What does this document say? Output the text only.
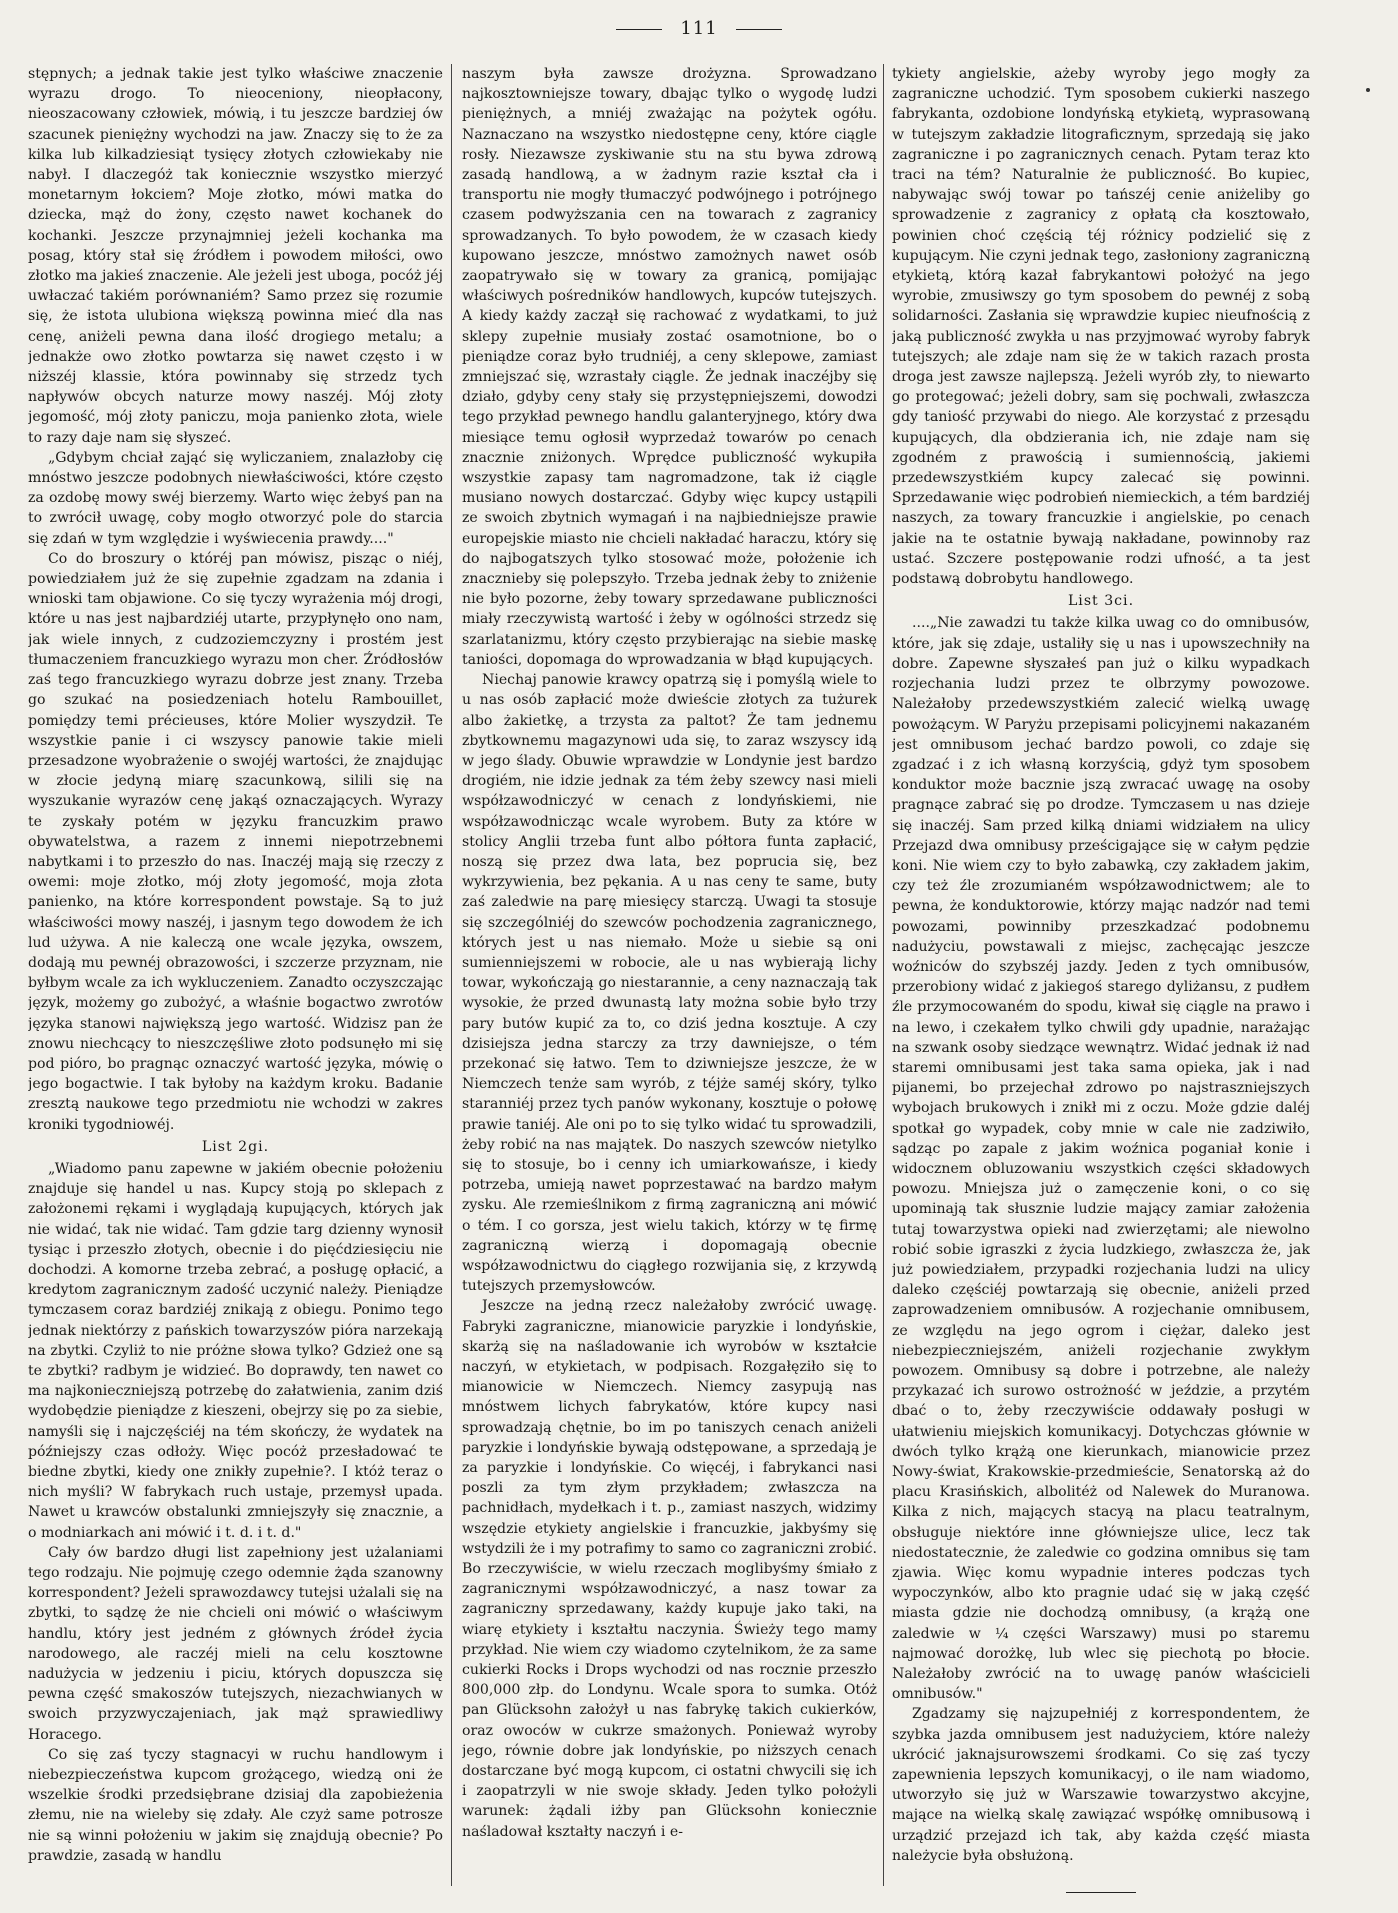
111

stępnych; a jednak takie jest tylko właściwe znaczenie wyrazu drogo. To nieoceniony, nieopłacony, nieoszacowany człowiek, mówią, i tu jeszcze bardziej ów szacunek pieniężny wychodzi na jaw. Znaczy się to że za kilka lub kilkadziesiąt tysięcy złotych człowiekaby nie nabył. I dlaczegóż tak koniecznie wszystko mierzyć monetarnym łokciem? Moje złotko, mówi matka do dziecka, mąż do żony, często nawet kochanek do kochanki. Jeszcze przynajmniej jeżeli kochanka ma posag, który stał się źródłem i powodem miłości, owo złotko ma jakieś znaczenie. Ale jeżeli jest uboga, pocóż jéj uwłaczać takiém porównaniém? Samo przez się rozumie się, że istota ulubiona większą powinna mieć dla nas cenę, aniżeli pewna dana ilość drogiego metalu; a jednakże owo złotko powtarza się nawet często i w niższéj klassie, która powinnaby się strzedz tych napływów obcych naturze mowy naszéj. Mój złoty jegomość, mój złoty paniczu, moja panienko złota, wiele to razy daje nam się słyszeć.

„Gdybym chciał zająć się wyliczaniem, znalazłoby cię mnóstwo jeszcze podobnych niewłaściwości, które często za ozdobę mowy swéj bierzemy. Warto więc żebyś pan na to zwrócił uwagę, coby mogło otworzyć pole do starcia się zdań w tym względzie i wyświecenia prawdy...."

Co do broszury o któréj pan mówisz, pisząc o niéj, powiedziałem już że się zupełnie zgadzam na zdania i wnioski tam objawione. Co się tyczy wyrażenia mój drogi, które u nas jest najbardziéj utarte, przypłynęło ono nam, jak wiele innych, z cudzoziemczyzny i prostém jest tłumaczeniem francuzkiego wyrazu mon cher. Źródłosłów zaś tego francuzkiego wyrazu dobrze jest znany. Trzeba go szukać na posiedzeniach hotelu Rambouillet, pomiędzy temi précieuses, które Molier wyszydził. Te wszystkie panie i ci wszyscy panowie takie mieli przesadzone wyobrażenie o swojéj wartości, że znajdując w złocie jedyną miarę szacunkową, silili się na wyszukanie wyrazów cenę jakąś oznaczających. Wyrazy te zyskały potém w języku francuzkim prawo obywatelstwa, a razem z innemi niepotrzebnemi nabytkami i to przeszło do nas. Inaczéj mają się rzeczy z owemi: moje złotko, mój złoty jegomość, moja złota panienko, na które korrespondent powstaje. Są to już właściwości mowy naszéj, i jasnym tego dowodem że ich lud używa. A nie kaleczą one wcale języka, owszem, dodają mu pewnéj obrazowości, i szczerze przyznam, nie byłbym wcale za ich wykluczeniem. Zanadto oczyszczając język, możemy go zubożyć, a właśnie bogactwo zwrotów języka stanowi największą jego wartość. Widzisz pan że znowu niechcący to nieszczęśliwe złoto podsunęło mi się pod pióro, bo pragnąc oznaczyć wartość języka, mówię o jego bogactwie. I tak byłoby na każdym kroku. Badanie zresztą naukowe tego przedmiotu nie wchodzi w zakres kroniki tygodniowéj.

List 2gi.

„Wiadomo panu zapewne w jakiém obecnie położeniu znajduje się handel u nas. Kupcy stoją po sklepach z założonemi rękami i wyglądają kupujących, których jak nie widać, tak nie widać. Tam gdzie targ dzienny wynosił tysiąc i przeszło złotych, obecnie i do pięćdziesięciu nie dochodzi. A komorne trzeba zebrać, a posługę opłacić, a kredytom zagranicznym zadość uczynić należy. Pieniądze tymczasem coraz bardziéj znikają z obiegu. Ponimo tego jednak niektórzy z pańskich towarzyszów pióra narzekają na zbytki. Czyliż to nie próżne słowa tylko? Gdzież one są te zbytki? radbym je widzieć. Bo doprawdy, ten nawet co ma najkonieczniejszą potrzebę do załatwienia, zanim dziś wydobędzie pieniądze z kieszeni, obejrzy się po za siebie, namyśli się i najczęściéj na tém skończy, że wydatek na późniejszy czas odłoży. Więc pocóż przesładować te biedne zbytki, kiedy one znikły zupełnie?. I któż teraz o nich myśli? W fabrykach ruch ustaje, przemysł upada. Nawet u krawców obstalunki zmniejszyły się znacznie, a o modniarkach ani mówić i t. d. i t. d."

Cały ów bardzo długi list zapełniony jest użalaniami tego rodzaju. Nie pojmuję czego odemnie żąda szanowny korrespondent? Jeżeli sprawozdawcy tutejsi użalali się na zbytki, to sądzę że nie chcieli oni mówić o właściwym handlu, który jest jedném z głównych źródeł życia narodowego, ale raczéj mieli na celu kosztowne nadużycia w jedzeniu i piciu, których dopuszcza się pewna część smakoszów tutejszych, niezachwianych w swoich przyzwyczajeniach, jak mąż sprawiedliwy Horacego.

Co się zaś tyczy stagnacyi w ruchu handlowym i niebezpieczeństwa kupcom grożącego, wiedzą oni że wszelkie środki przedsiębrane dzisiaj dla zapobieżenia złemu, nie na wieleby się zdały. Ale czyż same potrosze nie są winni położeniu w jakim się znajdują obecnie? Po prawdzie, zasadą w handlu

naszym była zawsze drożyzna. Sprowadzano najkosztowniejsze towary, dbając tylko o wygodę ludzi pieniężnych, a mniéj zważając na pożytek ogółu. Naznaczano na wszystko niedostępne ceny, które ciągle rosły. Niezawsze zyskiwanie stu na stu bywa zdrową zasadą handlową, a w żadnym razie kształ cła i transportu nie mogły tłumaczyć podwójnego i potrójnego czasem podwyższania cen na towarach z zagranicy sprowadzanych. To było powodem, że w czasach kiedy kupowano jeszcze, mnóstwo zamożnych nawet osób zaopatrywało się w towary za granicą, pomijając właściwych pośredników handlowych, kupców tutejszych. A kiedy każdy zaczął się rachować z wydatkami, to już sklepy zupełnie musiały zostać osamotnione, bo o pieniądze coraz było trudniéj, a ceny sklepowe, zamiast zmniejszać się, wzrastały ciągle. Że jednak inaczéjby się działo, gdyby ceny stały się przystępniejszemi, dowodzi tego przykład pewnego handlu galanteryjnego, który dwa miesiące temu ogłosił wyprzedaż towarów po cenach znacznie zniżonych. Wprędce publiczność wykupiła wszystkie zapasy tam nagromadzone, tak iż ciągle musiano nowych dostarczać. Gdyby więc kupcy ustąpili ze swoich zbytnich wymagań i na najbiedniejsze prawie europejskie miasto nie chcieli nakładać haraczu, który się do najbogatszych tylko stosować może, położenie ich znacznieby się polepszyło. Trzeba jednak żeby to zniżenie nie było pozorne, żeby towary sprzedawane publiczności miały rzeczywistą wartość i żeby w ogólności strzedz się szarlatanizmu, który często przybierając na siebie maskę taniości, dopomaga do wprowadzania w błąd kupujących.

Niechaj panowie krawcy opatrzą się i pomyślą wiele to u nas osób zapłacić może dwieście złotych za tużurek albo żakietkę, a trzysta za paltot? Że tam jednemu zbytkownemu magazynowi uda się, to zaraz wszyscy idą w jego ślady. Obuwie wprawdzie w Londynie jest bardzo drogiém, nie idzie jednak za tém żeby szewcy nasi mieli współzawodniczyć w cenach z londyńskiemi, nie współzawodnicząc wcale wyrobem. Buty za które w stolicy Anglii trzeba funt albo półtora funta zapłacić, noszą się przez dwa lata, bez poprucia się, bez wykrzywienia, bez pękania. A u nas ceny te same, buty zaś zaledwie na parę miesięcy starczą. Uwagi ta stosuje się szczególniéj do szewców pochodzenia zagranicznego, których jest u nas niemało. Może u siebie są oni sumienniejszemi w robocie, ale u nas wybierają lichy towar, wykończają go niestarannie, a ceny naznaczają tak wysokie, że przed dwunastą laty można sobie było trzy pary butów kupić za to, co dziś jedna kosztuje. A czy dzisiejsza jedna starczy za trzy dawniejsze, o tém przekonać się łatwo. Tem to dziwniejsze jeszcze, że w Niemczech tenże sam wyrób, z téjże saméj skóry, tylko staranniéj przez tych panów wykonany, kosztuje o połowę prawie taniéj. Ale oni po to się tylko widać tu sprowadzili, żeby robić na nas majątek. Do naszych szewców nietylko się to stosuje, bo i cenny ich umiarkowańsze, i kiedy potrzeba, umieją nawet poprzestawać na bardzo małym zysku. Ale rzemieślnikom z firmą zagraniczną ani mówić o tém. I co gorsza, jest wielu takich, którzy w tę firmę zagraniczną wierzą i dopomagają obecnie współzawodnictwu do ciągłego rozwijania się, z krzywdą tutejszych przemysłowców.

Jeszcze na jedną rzecz należałoby zwrócić uwagę. Fabryki zagraniczne, mianowicie paryzkie i londyńskie, skarżą się na naśladowanie ich wyrobów w kształcie naczyń, w etykietach, w podpisach. Rozgałęziło się to mianowicie w Niemczech. Niemcy zasypują nas mnóstwem lichych fabrykatów, które kupcy nasi sprowadzają chętnie, bo im po taniszych cenach aniżeli paryzkie i londyńskie bywają odstępowane, a sprzedają je za paryzkie i londyńskie. Co więcéj, i fabrykanci nasi poszli za tym złym przykładem; zwłaszcza na pachnidłach, mydełkach i t. p., zamiast naszych, widzimy wszędzie etykiety angielskie i francuzkie, jakbyśmy się wstydzili że i my potrafimy to samo co zagraniczni zrobić. Bo rzeczywiście, w wielu rzeczach moglibyśmy śmiało z zagranicznymi współzawodniczyć, a nasz towar za zagraniczny sprzedawany, każdy kupuje jako taki, na wiarę etykiety i kształtu naczynia. Świeży tego mamy przykład. Nie wiem czy wiadomo czytelnikom, że za same cukierki Rocks i Drops wychodzi od nas rocznie przeszło 800,000 złp. do Londynu. Wcale spora to sumka. Otóż pan Glücksohn założył u nas fabrykę takich cukierków, oraz owoców w cukrze smażonych. Ponieważ wyroby jego, równie dobre jak londyńskie, po niższych cenach dostarczane być mogą kupcom, ci ostatni chwycili się ich i zaopatrzyli w nie swoje składy. Jeden tylko położyli warunek: żądali iżby pan Glücksohn koniecznie naśladował kształty naczyń i e-

tykiety angielskie, ażeby wyroby jego mogły za zagraniczne uchodzić. Tym sposobem cukierki naszego fabrykanta, ozdobione londyńską etykietą, wyprasowaną w tutejszym zakładzie litograficznym, sprzedają się jako zagraniczne i po zagranicznych cenach. Pytam teraz kto traci na tém? Naturalnie że publiczność. Bo kupiec, nabywając swój towar po tańszéj cenie aniżeliby go sprowadzenie z zagranicy z opłatą cła kosztowało, powinien choć częścią téj różnicy podzielić się z kupującym. Nie czyni jednak tego, zasłoniony zagraniczną etykietą, którą kazał fabrykantowi położyć na jego wyrobie, zmusiwszy go tym sposobem do pewnéj z sobą solidarności. Zasłania się wprawdzie kupiec nieufnością z jaką publiczność zwykła u nas przyjmować wyroby fabryk tutejszych; ale zdaje nam się że w takich razach prosta droga jest zawsze najlepszą. Jeżeli wyrób zły, to niewarto go protegować; jeżeli dobry, sam się pochwali, zwłaszcza gdy taniość przywabi do niego. Ale korzystać z przesądu kupujących, dla obdzierania ich, nie zdaje nam się zgodném z prawością i sumiennością, jakiemi przedewszystkiém kupcy zalecać się powinni. Sprzedawanie więc podrobień niemieckich, a tém bardziéj naszych, za towary francuzkie i angielskie, po cenach jakie na te ostatnie bywają nakładane, powinnoby raz ustać. Szczere postępowanie rodzi ufność, a ta jest podstawą dobrobytu handlowego.

List 3ci.

....„Nie zawadzi tu także kilka uwag co do omnibusów, które, jak się zdaje, ustaliły się u nas i upowszechniły na dobre. Zapewne słyszałeś pan już o kilku wypadkach rozjechania ludzi przez te olbrzymy powozowe. Należałoby przedewszystkiém zalecić wielką uwagę powożącym. W Paryżu przepisami policyjnemi nakazaném jest omnibusom jechać bardzo powoli, co zdaje się zgadzać i z ich własną korzyścią, gdyż tym sposobem konduktor może bacznie jszą zwracać uwagę na osoby pragnące zabrać się po drodze. Tymczasem u nas dzieje się inaczéj. Sam przed kilką dniami widziałem na ulicy Przejazd dwa omnibusy prześcigające się w całym pędzie koni. Nie wiem czy to było zabawką, czy zakładem jakim, czy też źle zrozumianém współzawodnictwem; ale to pewna, że konduktorowie, którzy mając nadzór nad temi powozami, powinniby przeszkadzać podobnemu nadużyciu, powstawali z miejsc, zachęcając jeszcze woźniców do szybszéj jazdy. Jeden z tych omnibusów, przerobiony widać z jakiegoś starego dyliżansu, z pudłem źle przymocowaném do spodu, kiwał się ciągle na prawo i na lewo, i czekałem tylko chwili gdy upadnie, narażając na szwank osoby siedzące wewnątrz. Widać jednak iż nad staremi omnibusami jest taka sama opieka, jak i nad pijanemi, bo przejechał zdrowo po najstraszniejszych wybojach brukowych i znikł mi z oczu. Może gdzie daléj spotkał go wypadek, coby mnie w cale nie zadziwiło, sądząc po zapale z jakim woźnica poganiał konie i widocznem obluzowaniu wszystkich części składowych powozu. Mniejsza już o zamęczenie koni, o co się upominają tak słusznie ludzie mający zamiar założenia tutaj towarzystwa opieki nad zwierzętami; ale niewolno robić sobie igraszki z życia ludzkiego, zwłaszcza że, jak już powiedziałem, przypadki rozjechania ludzi na ulicy daleko częściéj powtarzają się obecnie, aniżeli przed zaprowadzeniem omnibusów. A rozjechanie omnibusem, ze względu na jego ogrom i ciężar, daleko jest niebezpieczniejszém, aniżeli rozjechanie zwykłym powozem. Omnibusy są dobre i potrzebne, ale należy przykazać ich surowo ostrożność w jeździe, a przytém dbać o to, żeby rzeczywiście oddawały posługi w ułatwieniu miejskich komunikacyj. Dotychczas głównie w dwóch tylko krążą one kierunkach, mianowicie przez Nowy-świat, Krakowskie-przedmieście, Senatorską aż do placu Krasińskich, albolitéż od Nalewek do Muranowa. Kilka z nich, mających stacyą na placu teatralnym, obsługuje niektóre inne główniejsze ulice, lecz tak niedostatecznie, że zaledwie co godzina omnibus się tam zjawia. Więc komu wypadnie interes podczas tych wypoczynków, albo kto pragnie udać się w jaką część miasta gdzie nie dochodzą omnibusy, (a krążą one zaledwie w ¼ części Warszawy) musi po staremu najmować dorożkę, lub wlec się piechotą po błocie. Należałoby zwrócić na to uwagę panów właścicieli omnibusów."

Zgadzamy się najzupełniéj z korrespondentem, że szybka jazda omnibusem jest nadużyciem, które należy ukrócić jaknajsurowszemi środkami. Co się zaś tyczy zapewnienia lepszych komunikacyj, o ile nam wiadomo, utworzyło się już w Warszawie towarzystwo akcyjne, mające na wielką skalę zawiązać współkę omnibusową i urządzić przejazd ich tak, aby każda część miasta należycie była obsłużoną.
